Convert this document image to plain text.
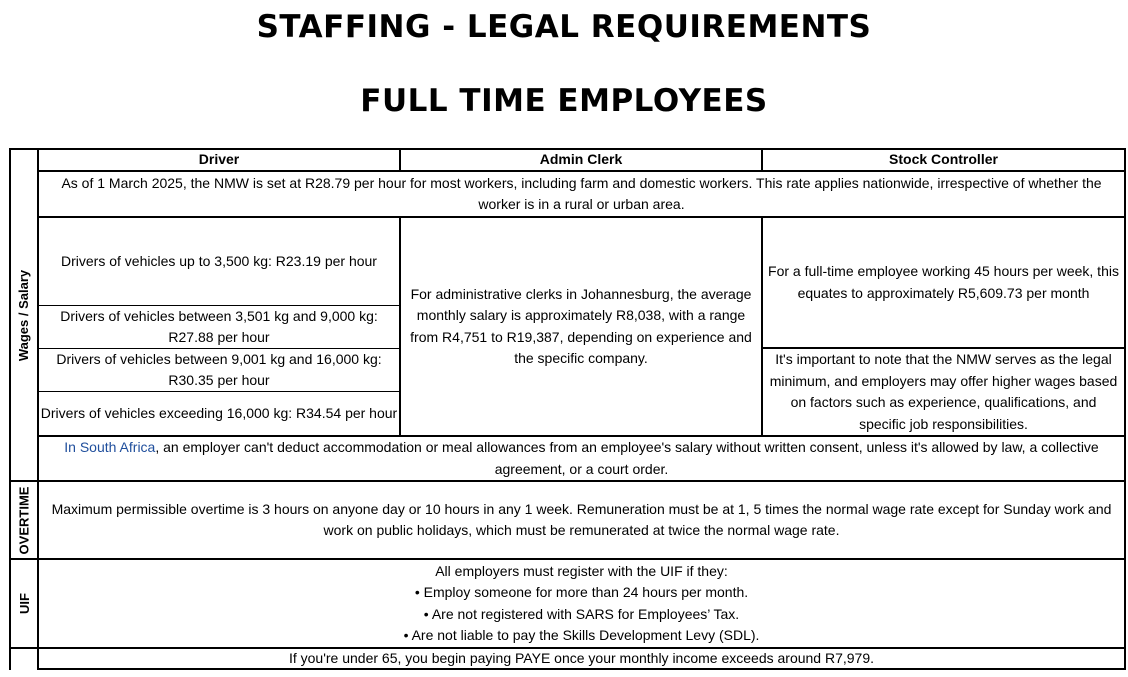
STAFFING - LEGAL REQUIREMENTS
FULL TIME EMPLOYEES
Wages / Salary
OVERTIME
UIF
Driver	Admin Clerk	Stock Controller
As of 1 March 2025, the NMW is set at R28.79 per hour for most workers, including farm and domestic workers. This rate applies nationwide, irrespective of whether the worker is in a rural or urban area.
Drivers of vehicles up to 3,500 kg: R23.19 per hour
Drivers of vehicles between 3,501 kg and 9,000 kg: R27.88 per hour
Drivers of vehicles between 9,001 kg and 16,000 kg: R30.35 per hour
Drivers of vehicles exceeding 16,000 kg: R34.54 per hour
For administrative clerks in Johannesburg, the average monthly salary is approximately R8,038, with a range from R4,751 to R19,387, depending on experience and the specific company.
For a full-time employee working 45 hours per week, this equates to approximately R5,609.73 per month
It's important to note that the NMW serves as the legal minimum, and employers may offer higher wages based on factors such as experience, qualifications, and specific job responsibilities.
In South Africa, an employer can't deduct accommodation or meal allowances from an employee's salary without written consent, unless it's allowed by law, a collective agreement, or a court order.
Maximum permissible overtime is 3 hours on anyone day or 10 hours in any 1 week. Remuneration must be at 1, 5 times the normal wage rate except for Sunday work and work on public holidays, which must be remunerated at twice the normal wage rate.
All employers must register with the UIF if they:
• Employ someone for more than 24 hours per month.
• Are not registered with SARS for Employees’ Tax.
• Are not liable to pay the Skills Development Levy (SDL).
If you're under 65, you begin paying PAYE once your monthly income exceeds around R7,979.
